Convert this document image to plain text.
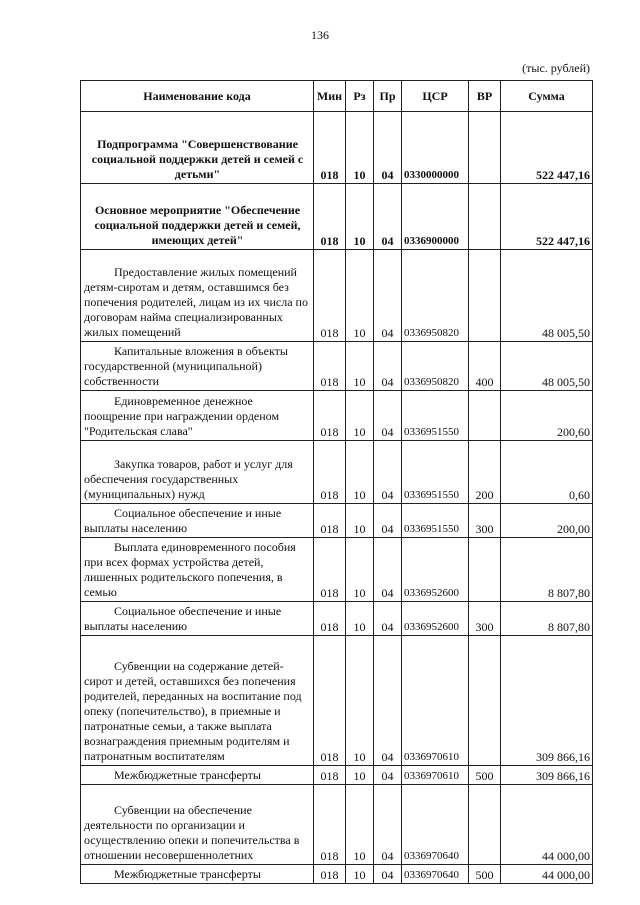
136
(тыс. рублей)
Наименование кода	Мин	Рз	Пр	ЦСР	ВР	Сумма
Подпрограмма "Совершенствование социальной поддержки детей и семей с детьми"	018	10	04	0330000000		522 447,16
Основное мероприятие "Обеспечение социальной поддержки детей и семей, имеющих детей"	018	10	04	0336900000		522 447,16

Предоставление жилых помещений детям-сиротам и детям, оставшимся без попечения родителей, лицам из их числа по договорам найма специализированных жилых помещений	018	10	04	0336950820		48 005,50

Капитальные вложения в объекты государственной (муниципальной) собственности	018	10	04	0336950820	400	48 005,50

Единовременное денежное поощрение при награждении орденом "Родительская слава"	018	10	04	0336951550		200,60

Закупка товаров, работ и услуг для обеспечения государственных (муниципальных) нужд	018	10	04	0336951550	200	0,60

Социальное обеспечение и иные выплаты населению	018	10	04	0336951550	300	200,00

Выплата единовременного пособия при всех формах устройства детей, лишенных родительского попечения, в семью	018	10	04	0336952600		8 807,80

Социальное обеспечение и иные выплаты населению	018	10	04	0336952600	300	8 807,80

Субвенции на содержание детей-сирот и детей, оставшихся без попечения родителей, переданных на воспитание под опеку (попечительство), в приемные и патронатные семьи, а также выплата вознаграждения приемным родителям и патронатным воспитателям	018	10	04	0336970610		309 866,16

Межбюджетные трансферты	018	10	04	0336970610	500	309 866,16

Субвенции на обеспечение деятельности по организации и осуществлению опеки и попечительства в отношении несовершеннолетних	018	10	04	0336970640		44 000,00

Межбюджетные трансферты	018	10	04	0336970640	500	44 000,00
